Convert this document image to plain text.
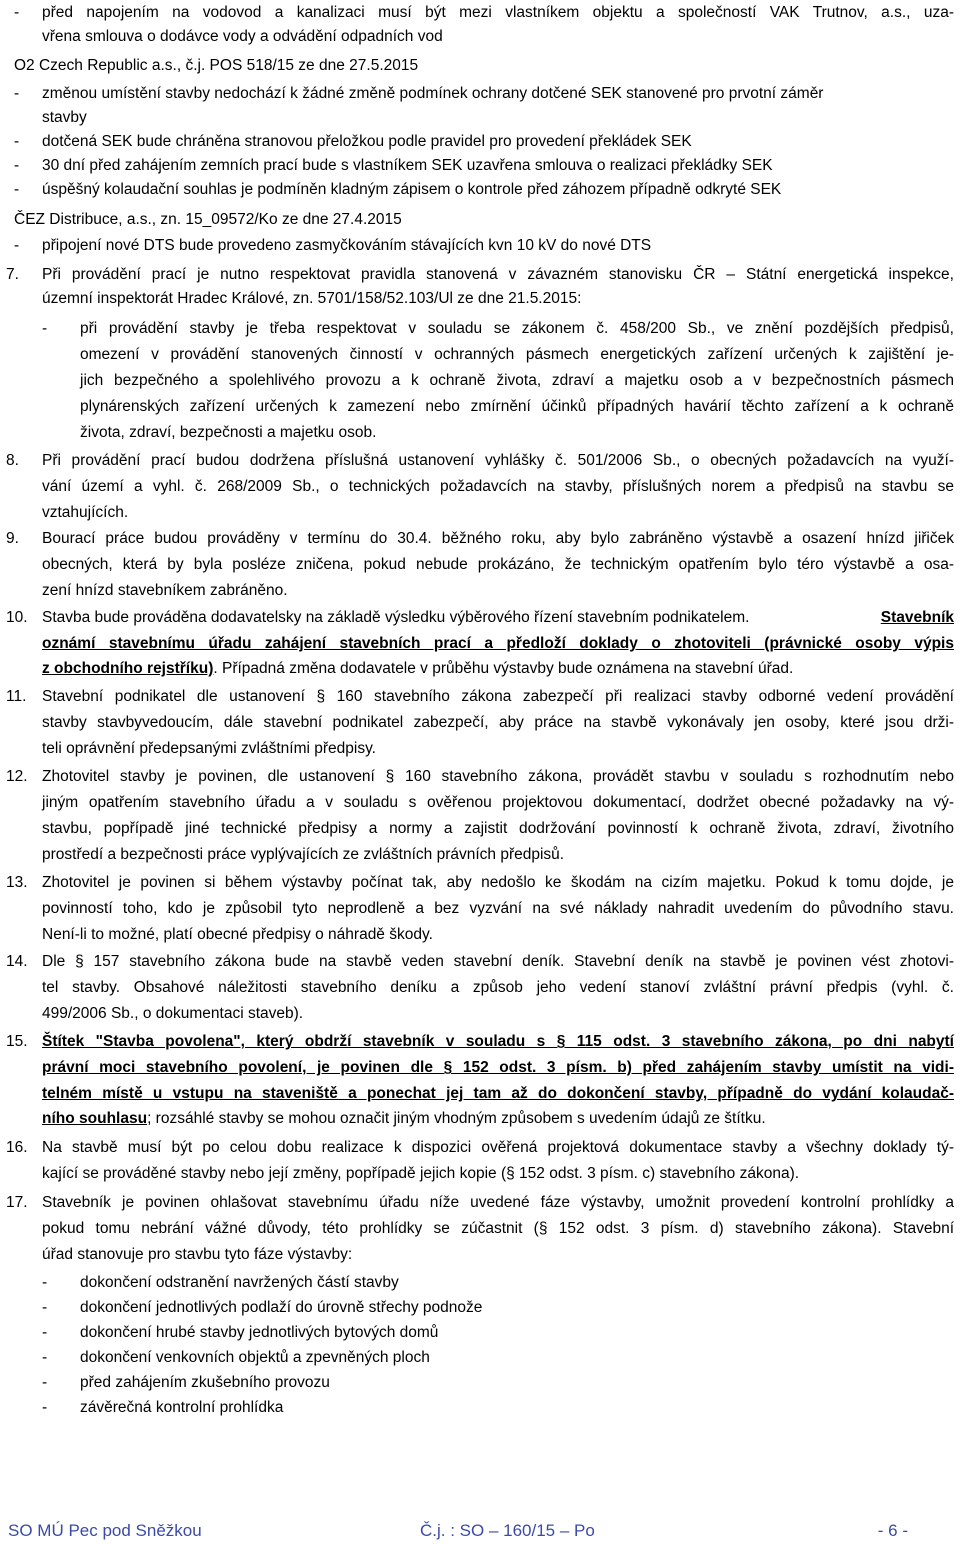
- před napojením na vodovod a kanalizaci musí být mezi vlastníkem objektu a společností VAK Trutnov, a.s., uza-
vřena smlouva o dodávce vody a odvádění odpadních vod
O2 Czech Republic a.s., č.j. POS 518/15 ze dne 27.5.2015
- změnou umístění stavby nedochází k žádné změně podmínek ochrany dotčené SEK stanovené pro prvotní záměr
stavby
- dotčená SEK bude chráněna stranovou přeložkou podle pravidel pro provedení překládek SEK
- 30 dní před zahájením zemních prací bude s vlastníkem SEK uzavřena smlouva o realizaci překládky SEK
- úspěšný kolaudační souhlas je podmíněn kladným zápisem o kontrole před záhozem případně odkryté SEK
ČEZ Distribuce, a.s., zn. 15_09572/Ko ze dne 27.4.2015
- připojení nové DTS bude provedeno zasmyčkováním stávajících kvn 10 kV do nové DTS
7. Při provádění prací je nutno respektovat pravidla stanovená v závazném stanovisku ČR – Státní energetická inspekce,
územní inspektorát Hradec Králové, zn. 5701/158/52.103/Ul ze dne 21.5.2015:
- při provádění stavby je třeba respektovat v souladu se zákonem č. 458/200 Sb., ve znění pozdějších předpisů,
omezení v provádění stanovených činností v ochranných pásmech energetických zařízení určených k zajištění je-
jich bezpečného a spolehlivého provozu a k ochraně života, zdraví a majetku osob a v bezpečnostních pásmech
plynárenských zařízení určených k zamezení nebo zmírnění účinků případných havárií těchto zařízení a k ochraně
života, zdraví, bezpečnosti a majetku osob.
8. Při provádění prací budou dodržena příslušná ustanovení vyhlášky č. 501/2006 Sb., o obecných požadavcích na využí-
vání území a vyhl. č. 268/2009 Sb., o technických požadavcích na stavby, příslušných norem a předpisů na stavbu se
vztahujících.
9. Bourací práce budou prováděny v termínu do 30.4. běžného roku, aby bylo zabráněno výstavbě a osazení hnízd jiřiček
obecných, která by byla posléze zničena, pokud nebude prokázáno, že technickým opatřením bylo téro výstavbě a osa-
zení hnízd stavebníkem zabráněno.
10. Stavba bude prováděna dodavatelsky na základě výsledku výběrového řízení stavebním podnikatelem.	Stavebník
oznámí stavebnímu úřadu zahájení stavebních prací a předloží doklady o zhotoviteli (právnické osoby výpis
z obchodního rejstříku). Případná změna dodavatele v průběhu výstavby bude oznámena na stavební úřad.
11. Stavební podnikatel dle ustanovení § 160 stavebního zákona zabezpečí při realizaci stavby odborné vedení provádění
stavby stavbyvedoucím, dále stavební podnikatel zabezpečí, aby práce na stavbě vykonávaly jen osoby, které jsou drži-
teli oprávnění předepsanými zvláštními předpisy.
12. Zhotovitel stavby je povinen, dle ustanovení § 160 stavebního zákona, provádět stavbu v souladu s rozhodnutím nebo
jiným opatřením stavebního úřadu a v souladu s ověřenou projektovou dokumentací, dodržet obecné požadavky na vý-
stavbu, popřípadě jiné technické předpisy a normy a zajistit dodržování povinností k ochraně života, zdraví, životního
prostředí a bezpečnosti práce vyplývajících ze zvláštních právních předpisů.
13. Zhotovitel je povinen si během výstavby počínat tak, aby nedošlo ke škodám na cizím majetku. Pokud k tomu dojde, je
povinností toho, kdo je způsobil tyto neprodleně a bez vyzvání na své náklady nahradit uvedením do původního stavu.
Není-li to možné, platí obecné předpisy o náhradě škody.
14. Dle § 157 stavebního zákona bude na stavbě veden stavební deník. Stavební deník na stavbě je povinen vést zhotovi-
tel stavby. Obsahové náležitosti stavebního deníku a způsob jeho vedení stanoví zvláštní právní předpis (vyhl. č.
499/2006 Sb., o dokumentaci staveb).
15. Štítek "Stavba povolena", který obdrží stavebník v souladu s § 115 odst. 3 stavebního zákona, po dni nabytí
právní moci stavebního povolení, je povinen dle § 152 odst. 3 písm. b) před zahájením stavby umístit na vidi-
telném místě u vstupu na staveniště a ponechat jej tam až do dokončení stavby, případně do vydání kolaudač-
ního souhlasu; rozsáhlé stavby se mohou označit jiným vhodným způsobem s uvedením údajů ze štítku.
16. Na stavbě musí být po celou dobu realizace k dispozici ověřená projektová dokumentace stavby a všechny doklady tý-
kající se prováděné stavby nebo její změny, popřípadě jejich kopie (§ 152 odst. 3 písm. c) stavebního zákona).
17. Stavebník je povinen ohlašovat stavebnímu úřadu níže uvedené fáze výstavby, umožnit provedení kontrolní prohlídky a
pokud tomu nebrání vážné důvody, této prohlídky se zúčastnit (§ 152 odst. 3 písm. d) stavebního zákona). Stavební
úřad stanovuje pro stavbu tyto fáze výstavby:
- dokončení odstranění navržených částí stavby
- dokončení jednotlivých podlaží do úrovně střechy podnože
- dokončení hrubé stavby jednotlivých bytových domů
- dokončení venkovních objektů a zpevněných ploch
- před zahájením zkušebního provozu
- závěrečná kontrolní prohlídka
SO MÚ Pec pod Sněžkou	Č.j. : SO – 160/15 – Po	- 6 -
